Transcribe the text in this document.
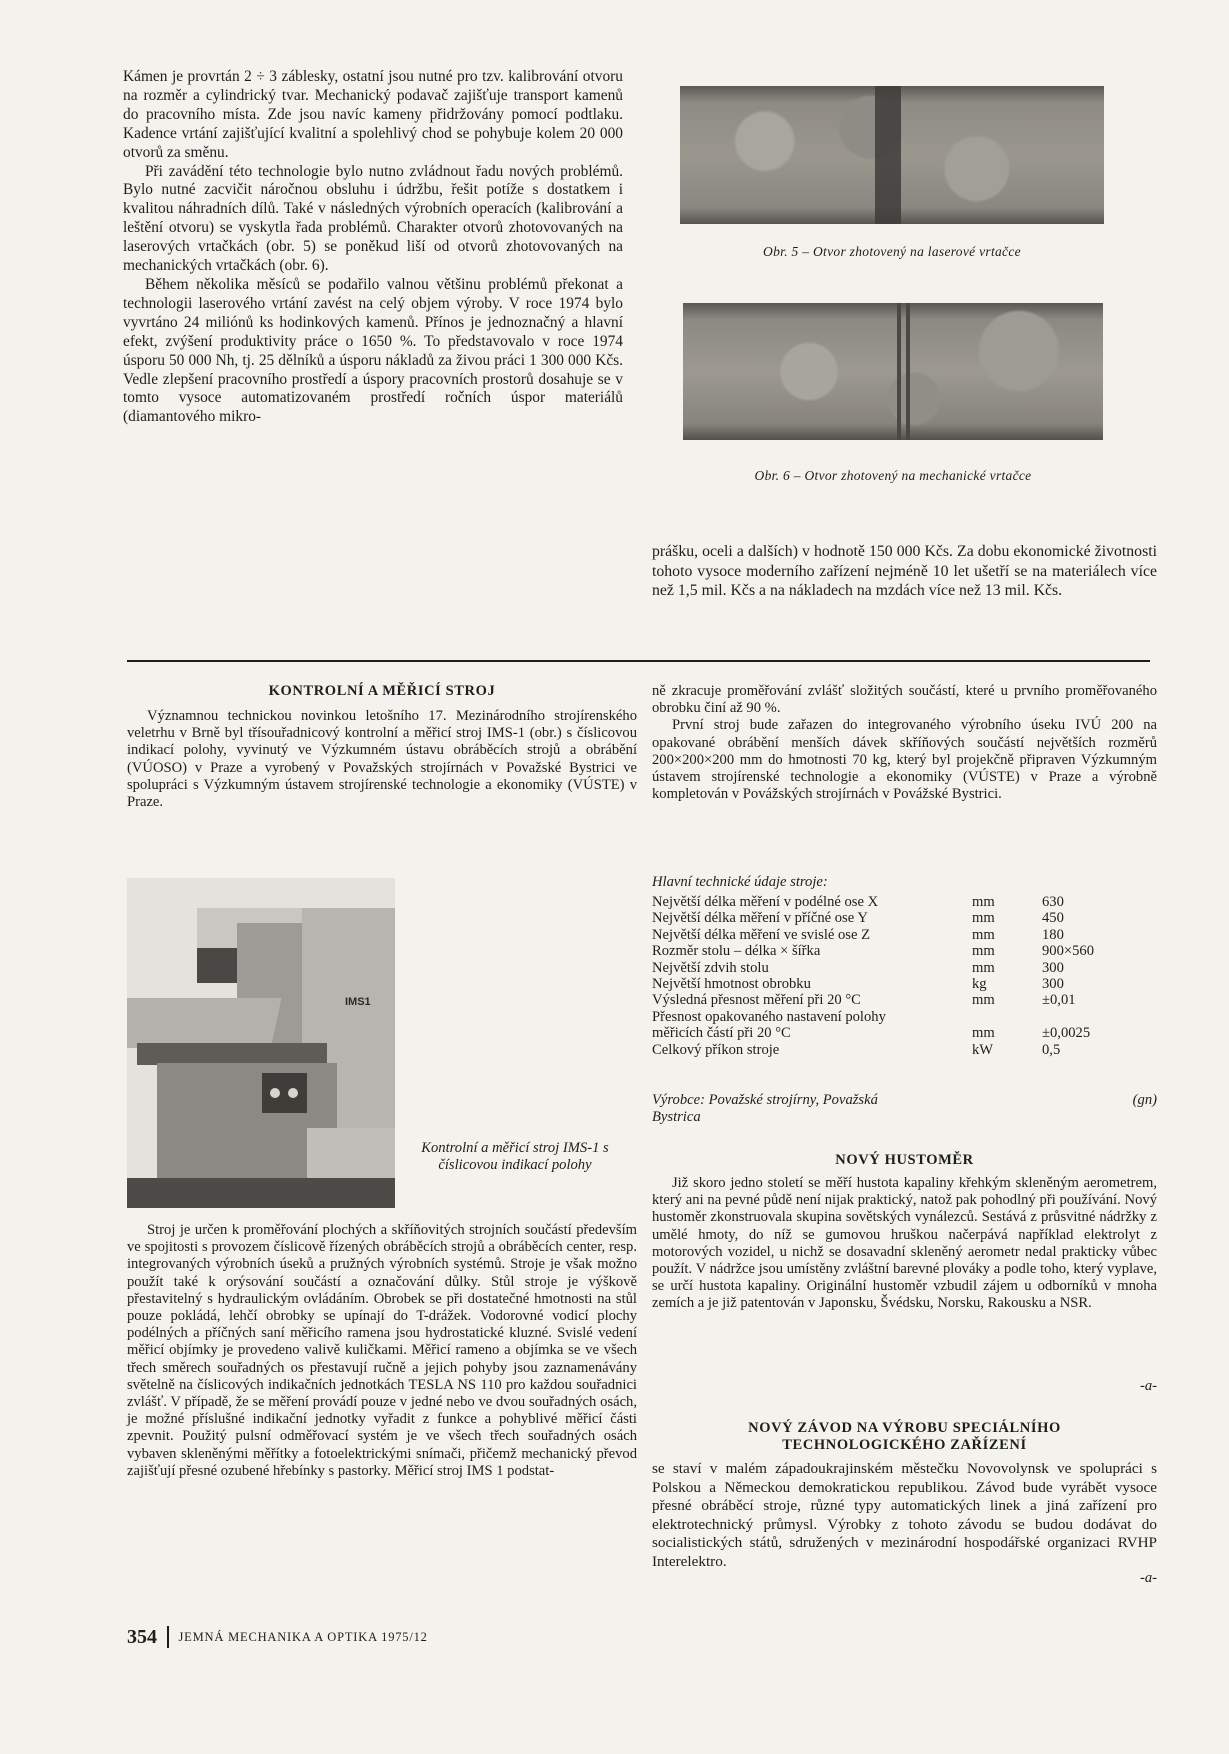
Kámen je provrtán 2 ÷ 3 záblesky, ostatní jsou nutné pro tzv. kalibrování otvoru na rozměr a cylindrický tvar. Mechanický podavač zajišťuje transport kamenů do pracovního místa. Zde jsou navíc kameny přidržovány pomocí podtlaku. Kadence vrtání zajišťující kvalitní a spolehlivý chod se pohybuje kolem 20 000 otvorů za směnu.

Při zavádění této technologie bylo nutno zvládnout řadu nových problémů. Bylo nutné zacvičit náročnou obsluhu i údržbu, řešit potíže s dostatkem i kvalitou náhradních dílů. Také v následných výrobních operacích (kalibrování a leštění otvoru) se vyskytla řada problémů. Charakter otvorů zhotovovaných na laserových vrtačkách (obr. 5) se poněkud liší od otvorů zhotovovaných na mechanických vrtačkách (obr. 6).

Během několika měsíců se podařilo valnou většinu problémů překonat a technologii laserového vrtání zavést na celý objem výroby. V roce 1974 bylo vyvrtáno 24 miliónů ks hodinkových kamenů. Přínos je jednoznačný a hlavní efekt, zvýšení produktivity práce o 1650 %. To představovalo v roce 1974 úsporu 50 000 Nh, tj. 25 dělníků a úsporu nákladů za živou práci 1 300 000 Kčs. Vedle zlepšení pracovního prostředí a úspory pracovních prostorů dosahuje se v tomto vysoce automatizovaném prostředí ročních úspor materiálů (diamantového mikro-

Obr. 5 – Otvor zhotovený na laserové vrtačce
Obr. 6 – Otvor zhotovený na mechanické vrtačce

prášku, oceli a dalších) v hodnotě 150 000 Kčs. Za dobu ekonomické životnosti tohoto vysoce moderního zařízení nejméně 10 let ušetří se na materiálech více než 1,5 mil. Kčs a na nákladech na mzdách více než 13 mil. Kčs.

KONTROLNÍ A MĚŘICÍ STROJ

Významnou technickou novinkou letošního 17. Mezinárodního strojírenského veletrhu v Brně byl třísouřadnicový kontrolní a měřicí stroj IMS-1 (obr.) s číslicovou indikací polohy, vyvinutý ve Výzkumném ústavu obráběcích strojů a obrábění (VÚOSO) v Praze a vyrobený v Považských strojírnách v Považské Bystrici ve spolupráci s Výzkumným ústavem strojírenské technologie a ekonomiky (VÚSTE) v Praze.

IMS1
Kontrolní a měřicí stroj IMS-1 s číslicovou indikací polohy

Stroj je určen k proměřování plochých a skříňovitých strojních součástí především ve spojitosti s provozem číslicově řízených obráběcích strojů a obráběcích center, resp. integrovaných výrobních úseků a pružných výrobních systémů. Stroje je však možno použít také k orýsování součástí a označování důlky. Stůl stroje je výškově přestavitelný s hydraulickým ovládáním. Obrobek se při dostatečné hmotnosti na stůl pouze pokládá, lehčí obrobky se upínají do T-drážek. Vodorovné vodicí plochy podélných a příčných saní měřicího ramena jsou hydrostatické kluzné. Svislé vedení měřicí objímky je provedeno valivě kuličkami. Měřicí rameno a objímka se ve všech třech směrech souřadných os přestavují ručně a jejich pohyby jsou zaznamenávány světelně na číslicových indikačních jednotkách TESLA NS 110 pro každou souřadnici zvlášť. V případě, že se měření provádí pouze v jedné nebo ve dvou souřadných osách, je možné příslušné indikační jednotky vyřadit z funkce a pohyblivé měřicí části zpevnit. Použitý pulsní odměřovací systém je ve všech třech souřadných osách vybaven skleněnými měřítky a fotoelektrickými snímači, přičemž mechanický převod zajišťují přesné ozubené hřebínky s pastorky. Měřicí stroj IMS 1 podstat-

ně zkracuje proměřování zvlášť složitých součástí, které u prvního proměřovaného obrobku činí až 90 %.

První stroj bude zařazen do integrovaného výrobního úseku IVÚ 200 na opakované obrábění menších dávek skříňových součástí největších rozměrů 200×200×200 mm do hmotnosti 70 kg, který byl projekčně připraven Výzkumným ústavem strojírenské technologie a ekonomiky (VÚSTE) v Praze a výrobně kompletován v Povážských strojírnách v Povážské Bystrici.

Hlavní technické údaje stroje:
Největší délka měření v podélné ose X	mm	630
Největší délka měření v příčné ose Y	mm	450
Největší délka měření ve svislé ose Z	mm	180
Rozměr stolu – délka × šířka	mm	900×560
Největší zdvih stolu	mm	300
Největší hmotnost obrobku	kg	300
Výsledná přesnost měření při 20 °C	mm	±0,01
Přesnost opakovaného nastavení polohy		
měřicích částí při 20 °C	mm	±0,0025
Celkový příkon stroje	kW	0,5
Výrobce: Považské strojírny, Považská Bystrica
(gn)
NOVÝ HUSTOMĚR

Již skoro jedno století se měří hustota kapaliny křehkým skleněným aerometrem, který ani na pevné půdě není nijak praktický, natož pak pohodlný při používání. Nový hustoměr zkonstruovala skupina sovětských vynálezců. Sestává z průsvitné nádržky z umělé hmoty, do níž se gumovou hruškou načerpává například elektrolyt z motorových vozidel, u nichž se dosavadní skleněný aerometr nedal prakticky vůbec použít. V nádržce jsou umístěny zvláštní barevné plováky a podle toho, který vyplave, se určí hustota kapaliny. Originální hustoměr vzbudil zájem u odborníků v mnoha zemích a je již patentován v Japonsku, Švédsku, Norsku, Rakousku a NSR.

-a-
NOVÝ ZÁVOD NA VÝROBU SPECIÁLNÍHO
TECHNOLOGICKÉHO ZAŘÍZENÍ

se staví v malém západoukrajinském městečku Novovolynsk ve spolupráci s Polskou a Německou demokratickou republikou. Závod bude vyrábět vysoce přesné obráběcí stroje, různé typy automatických linek a jiná zařízení pro elektrotechnický průmysl. Výrobky z tohoto závodu se budou dodávat do socialistických států, sdružených v mezinárodní hospodářské organizaci RVHP Interelektro.

-a-
354 JEMNÁ MECHANIKA A OPTIKA 1975/12
